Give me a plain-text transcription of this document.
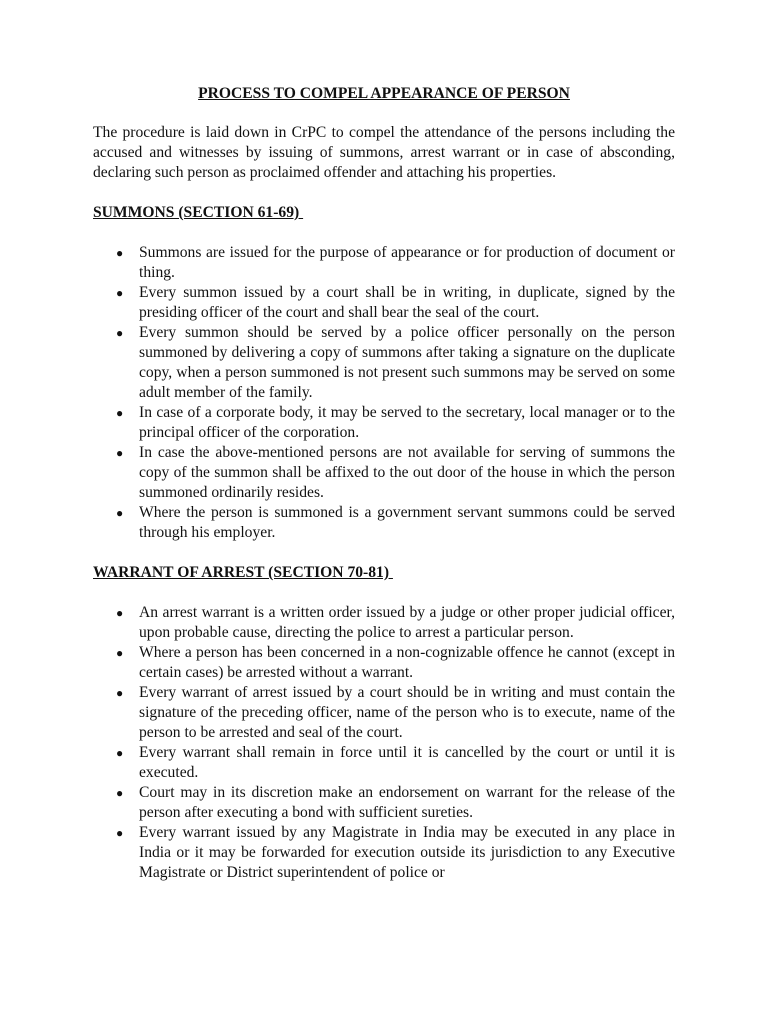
PROCESS TO COMPEL APPEARANCE OF PERSON

The procedure is laid down in CrPC to compel the attendance of the persons including the accused and witnesses by issuing of summons, arrest warrant or in case of absconding, declaring such person as proclaimed offender and attaching his properties.

SUMMONS (SECTION 61-69)
● Summons are issued for the purpose of appearance or for production of document or thing.
● Every summon issued by a court shall be in writing, in duplicate, signed by the presiding officer of the court and shall bear the seal of the court.
● Every summon should be served by a police officer personally on the person summoned by delivering a copy of summons after taking a signature on the duplicate copy, when a person summoned is not present such summons may be served on some adult member of the family.
● In case of a corporate body, it may be served to the secretary, local manager or to the principal officer of the corporation.
● In case the above-mentioned persons are not available for serving of summons the copy of the summon shall be affixed to the out door of the house in which the person summoned ordinarily resides.
● Where the person is summoned is a government servant summons could be served through his employer.
WARRANT OF ARREST (SECTION 70-81)
● An arrest warrant is a written order issued by a judge or other proper judicial officer, upon probable cause, directing the police to arrest a particular person.
● Where a person has been concerned in a non-cognizable offence he cannot (except in certain cases) be arrested without a warrant.
● Every warrant of arrest issued by a court should be in writing and must contain the signature of the preceding officer, name of the person who is to execute, name of the person to be arrested and seal of the court.
● Every warrant shall remain in force until it is cancelled by the court or until it is executed.
● Court may in its discretion make an endorsement on warrant for the release of the person after executing a bond with sufficient sureties.
● Every warrant issued by any Magistrate in India may be executed in any place in India or it may be forwarded for execution outside its jurisdiction to any Executive Magistrate or District superintendent of police or
